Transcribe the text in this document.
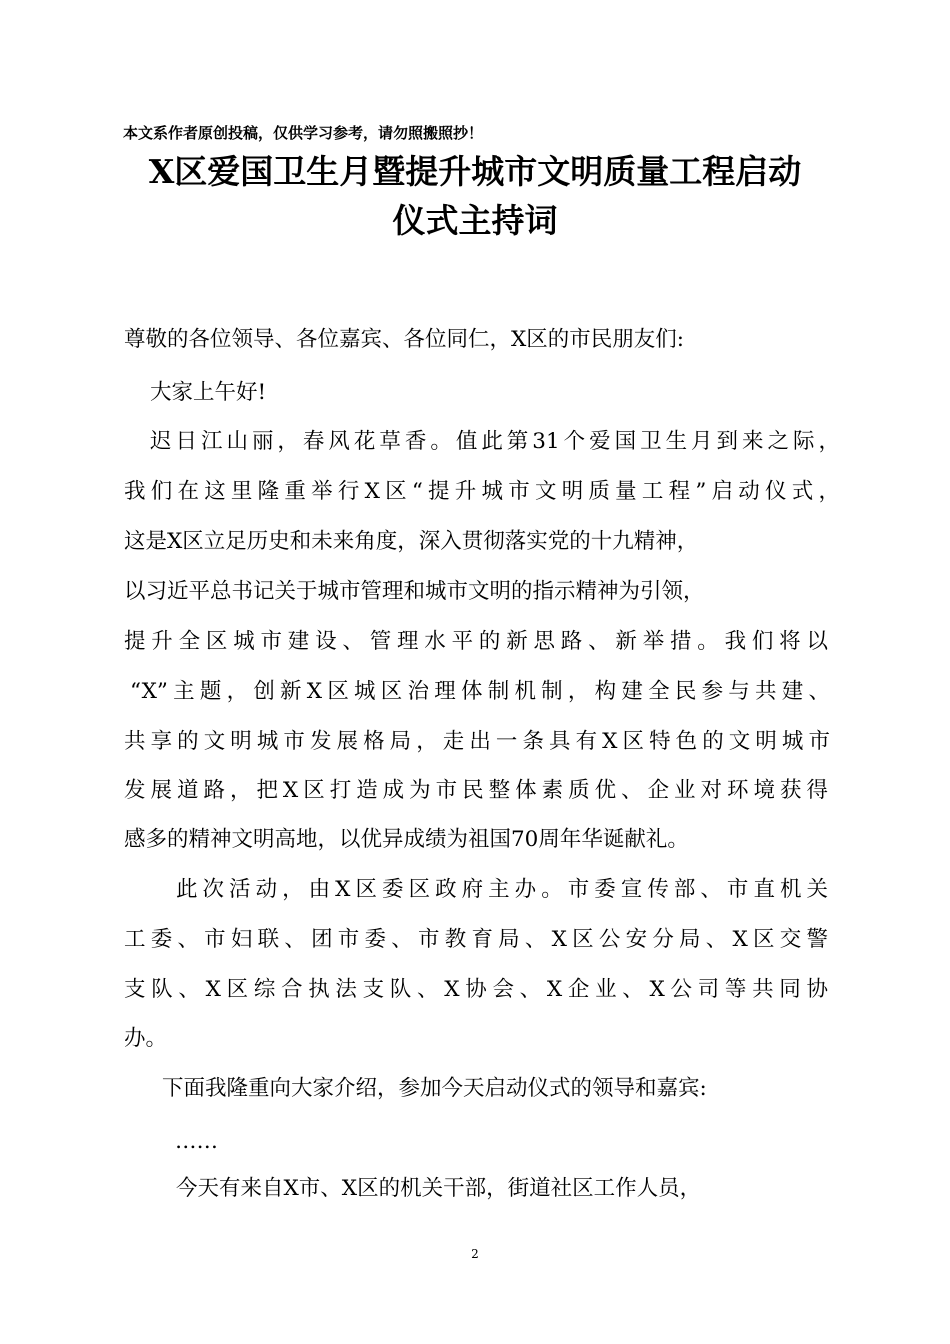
本文系作者原创投稿，仅供学习参考，请勿照搬照抄！
X区爱国卫生月暨提升城市文明质量工程启动
仪式主持词
尊敬的各位领导、各位嘉宾、各位同仁，X区的市民朋友们:
大家上午好!
迟日江山丽，春风花草香。值此第31个爱国卫生月到来之际，
我们在这里隆重举行X区“提升城市文明质量工程”启动仪式，
这是X区立足历史和未来角度，深入贯彻落实党的十九精神，
以习近平总书记关于城市管理和城市文明的指示精神为引领，
提升全区城市建设、管理水平的新思路、新举措。我们将以
“X”主题，创新X区城区治理体制机制，构建全民参与共建、
共享的文明城市发展格局，走出一条具有X区特色的文明城市
发展道路，把X区打造成为市民整体素质优、企业对环境获得
感多的精神文明高地，以优异成绩为祖国70周年华诞献礼。
此次活动，由X区委区政府主办。市委宣传部、市直机关
工委、市妇联、团市委、市教育局、X区公安分局、X区交警
支队、X区综合执法支队、X协会、X企业、X公司等共同协
办。
下面我隆重向大家介绍，参加今天启动仪式的领导和嘉宾:
……
今天有来自X市、X区的机关干部，街道社区工作人员，
2
